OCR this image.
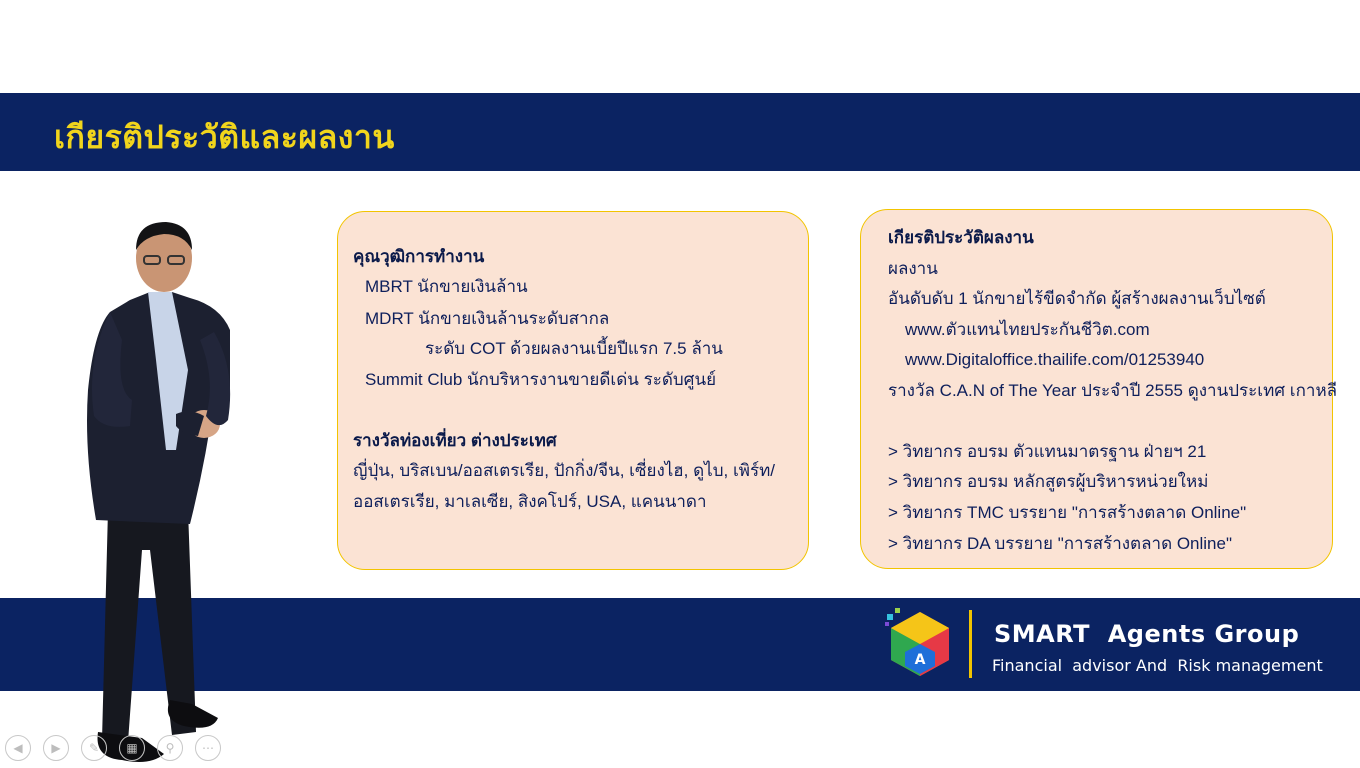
เกียรติประวัติและผลงาน
คุณวุฒิการทำงาน
MBRT นักขายเงินล้าน
MDRT นักขายเงินล้านระดับสากล
ระดับ COT ด้วยผลงานเบี้ยปีแรก 7.5 ล้าน
Summit Club นักบริหารงานขายดีเด่น ระดับศูนย์
รางวัลท่องเที่ยว ต่างประเทศ
ญี่ปุ่น, บริสเบน/ออสเตรเรีย, ปักกิ่ง/จีน, เซี่ยงไฮ, ดูไบ, เพิร์ท/
ออสเตรเรีย, มาเลเซีย, สิงคโปร์, USA, แคนนาดา
เกียรติประวัติผลงาน
ผลงาน
อันดับดับ 1 นักขายไร้ขีดจำกัด ผู้สร้างผลงานเว็บไซต์
www.ตัวแทนไทยประกันชีวิต.com
www.Digitaloffice.thailife.com/01253940
รางวัล C.A.N of The Year ประจำปี 2555 ดูงานประเทศ เกาหลี
> วิทยากร อบรม ตัวแทนมาตรฐาน ฝ่ายฯ 21
> วิทยากร อบรม หลักสูตรผู้บริหารหน่วยใหม่
> วิทยากร TMC บรรยาย "การสร้างตลาด Online"
> วิทยากร DA บรรยาย "การสร้างตลาด Online"
A
SMART  Agents Group
Financial  advisor And  Risk management
◀	▶	✎	▦	⚲	⋯
